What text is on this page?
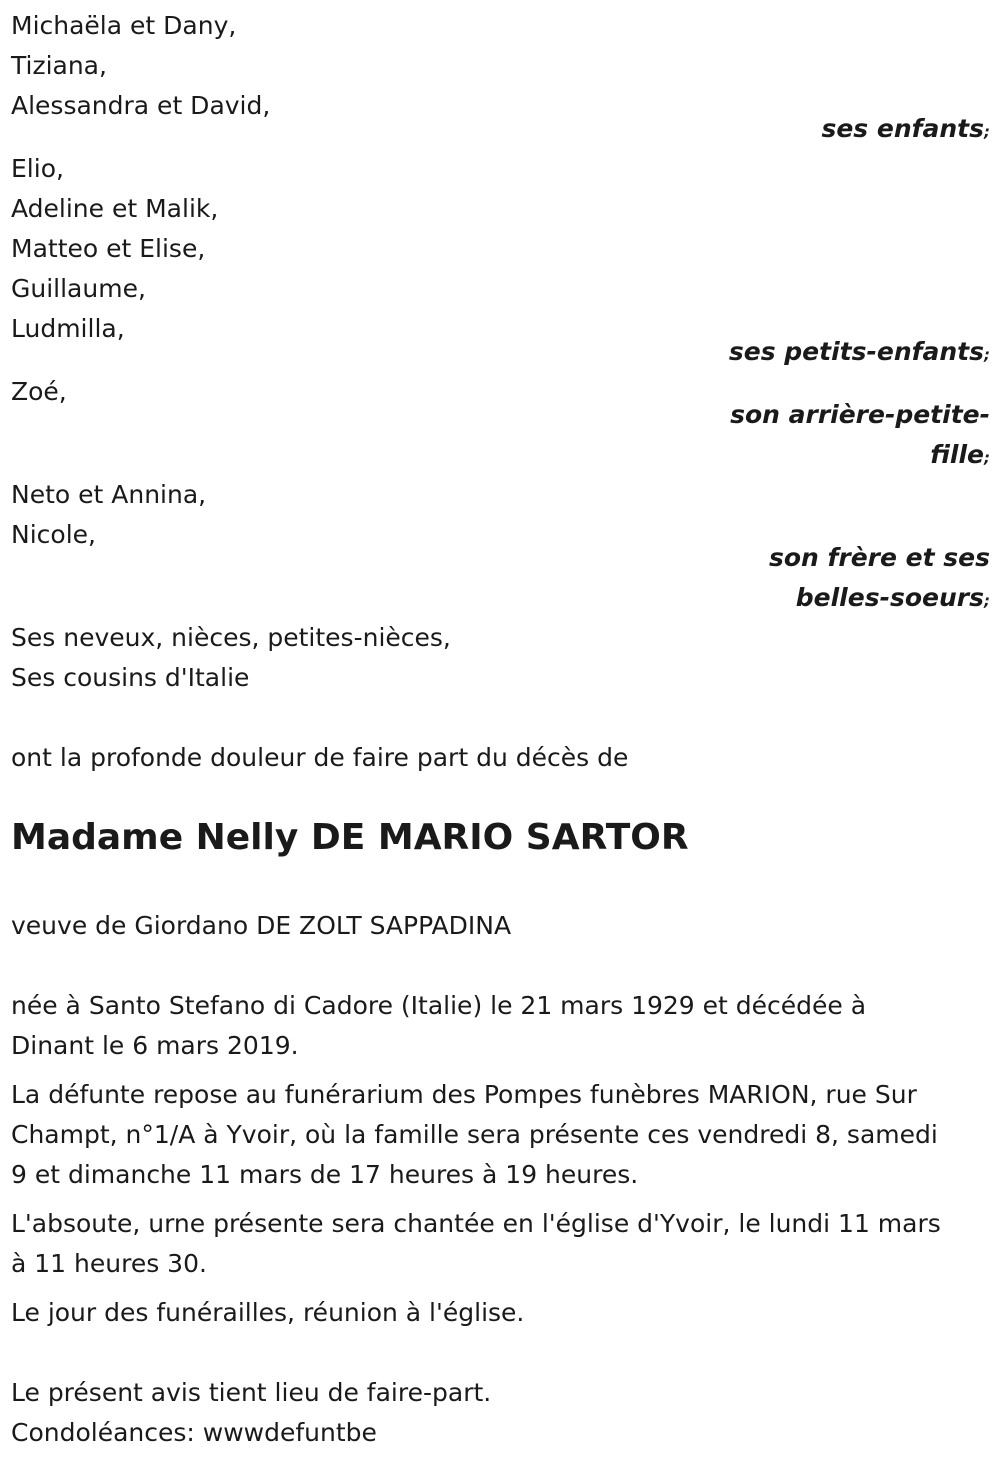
Michaëla et Dany,
Tiziana,
Alessandra et David,
ses enfants;
Elio,
Adeline et Malik,
Matteo et Elise,
Guillaume,
Ludmilla,
ses petits-enfants;
Zoé,
son arrière-petite-
fille;
Neto et Annina,
Nicole,
son frère et ses
belles-soeurs;
Ses neveux, nièces, petites-nièces,
Ses cousins d'Italie
ont la profonde douleur de faire part du décès de
Madame Nelly DE MARIO SARTOR
veuve de Giordano DE ZOLT SAPPADINA
née à Santo Stefano di Cadore (Italie) le 21 mars 1929 et décédée à
Dinant le 6 mars 2019.
La défunte repose au funérarium des Pompes funèbres MARION, rue Sur
Champt, n°1/A à Yvoir, où la famille sera présente ces vendredi 8, samedi
9 et dimanche 11 mars de 17 heures à 19 heures.
L'absoute, urne présente sera chantée en l'église d'Yvoir, le lundi 11 mars
à 11 heures 30.
Le jour des funérailles, réunion à l'église.
Le présent avis tient lieu de faire-part.
Condoléances: wwwdefuntbe
